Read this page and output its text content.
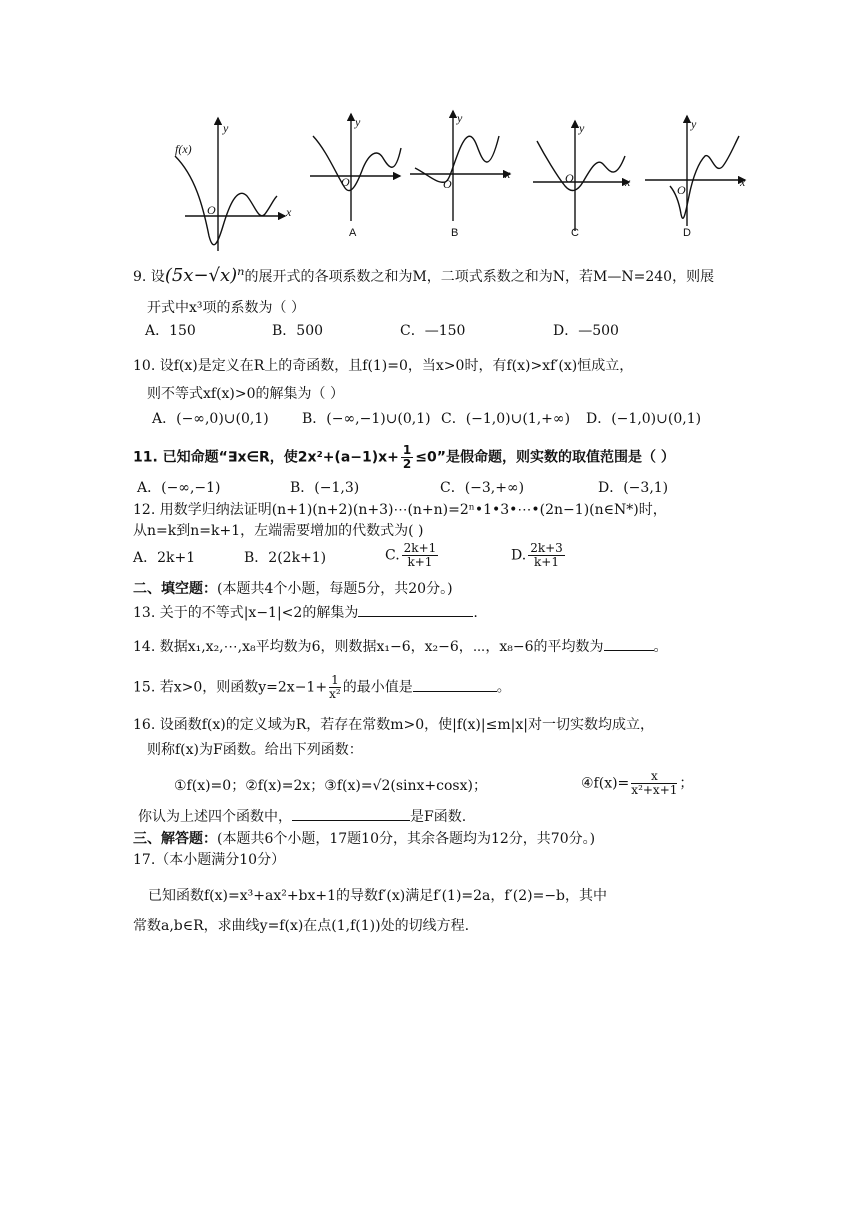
f(x)
y
x
O
y
O
y
O
x
y
O	x
y
O
x
A	B	C	D
9. 设(5x−√x)ⁿ的展开式的各项系数之和为M，二项式系数之和为N，若M—N=240，则展
开式中x³项的系数为（ ）
A．150	B．500	C．—150	D．—500
10. 设f(x)是定义在R上的奇函数，且f(1)=0，当x>0时，有f(x)>xf′(x)恒成立，
则不等式xf(x)>0的解集为（ ）
A．(−∞,0)∪(0,1) B．(−∞,−1)∪(0,1) C．(−1,0)∪(1,+∞) D．(−1,0)∪(0,1)
11. 已知命题“∃x∈R，使$2x^2+(a-1)x+ \frac{1}{2} \le 0$”是假命题，则实数的取值范围是（ ）
A．(−∞,−1)	B．(−1,3)	C．(−3,+∞)	D．(−3,1)
12. 用数学归纳法证明(n+1)(n+2)(n+3)⋯(n+n)=2ⁿ•1•3•⋯•(2n−1)(n∈N*)时，
从n=k到n=k+1，左端需要增加的代数式为( )
A．2k+1	B．2(2k+1)	C. $\frac{2k+1}{k+1}$	D. $\frac{2k+3}{k+1}$
二、填空题：(本题共4个小题，每题5分，共20分。)
13. 关于的不等式|x−1|<2的解集为	.
14. 数据x₁,x₂,⋯,x₈平均数为6，则数据x₁−6，x₂−6，⋯，x₈−6的平均数为	。
15. 若x>0，则函数$y=2x-1+ \frac{1}{\text{x²}}$ 的最小值是	。
16. 设函数f(x)的定义域为R，若存在常数m>0，使|f(x)|≤m|x|对一切实数均成立，
则称f(x)为F函数。给出下列函数：
①f(x)=0；②f(x)=2x；③f(x)=√2(sinx+cosx)；	④f(x)= $\frac{x}{\text{x²+x+1}}$ ；
你认为上述四个函数中，	是F函数.
三、解答题：(本题共6个小题，17题10分，其余各题均为12分，共70分。)
17.（本小题满分10分）
已知函数f(x)=x³+ax²+bx+1的导数f′(x)满足f′(1)=2a，f′(2)=−b，其中
常数a,b∈R，求曲线y=f(x)在点(1,f(1))处的切线方程.
